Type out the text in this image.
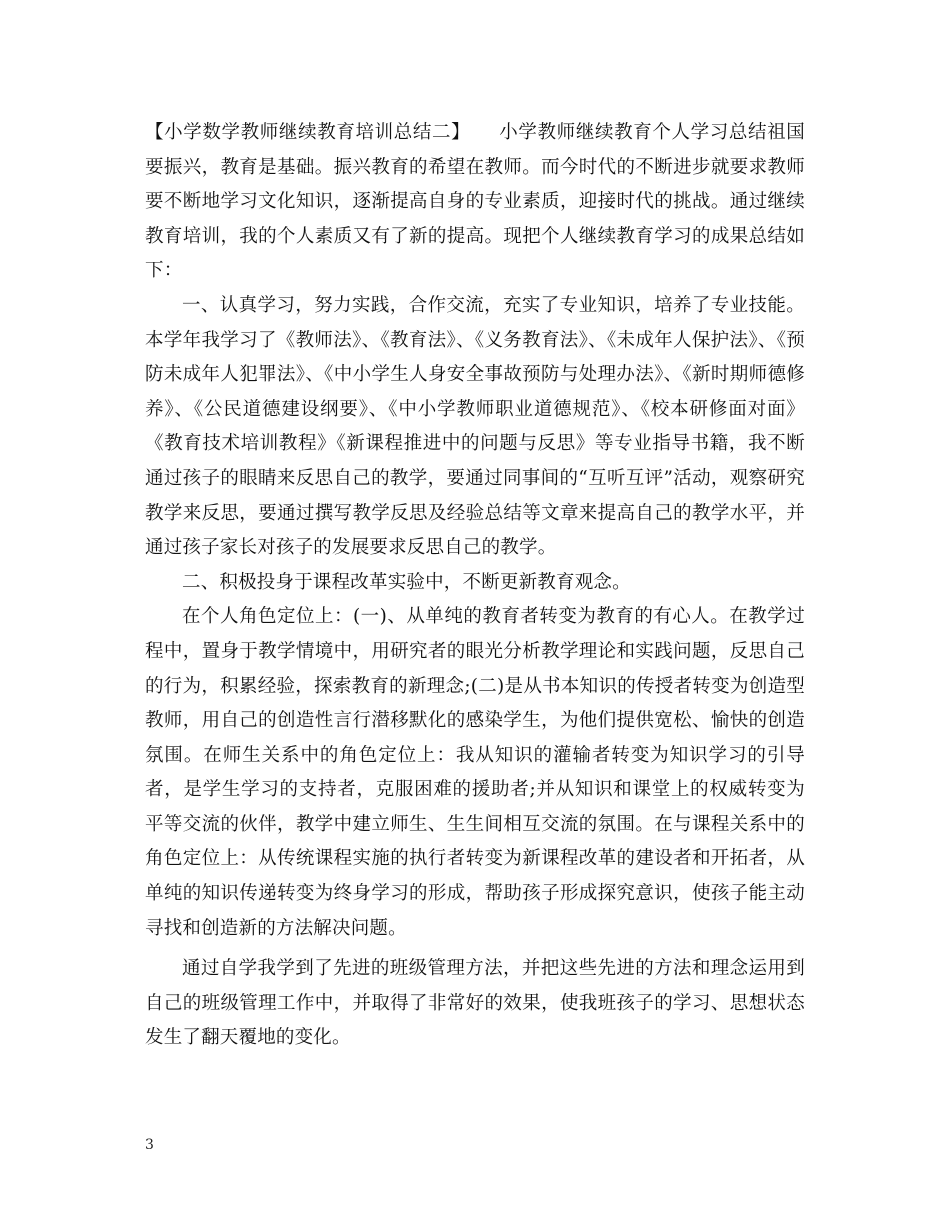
【小学数学教师继续教育培训总结二】　　小学教师继续教育个人学习总结祖国要振兴，教育是基础。振兴教育的希望在教师。而今时代的不断进步就要求教师要不断地学习文化知识，逐渐提高自身的专业素质，迎接时代的挑战。通过继续教育培训，我的个人素质又有了新的提高。现把个人继续教育学习的成果总结如下：

一、认真学习，努力实践，合作交流，充实了专业知识，培养了专业技能。本学年我学习了《教师法》、《教育法》、《义务教育法》、《未成年人保护法》、《预防未成年人犯罪法》、《中小学生人身安全事故预防与处理办法》、《新时期师德修养》、《公民道德建设纲要》、《中小学教师职业道德规范》、《校本研修面对面》《教育技术培训教程》《新课程推进中的问题与反思》等专业指导书籍，我不断通过孩子的眼睛来反思自己的教学，要通过同事间的“互听互评”活动，观察研究教学来反思，要通过撰写教学反思及经验总结等文章来提高自己的教学水平，并通过孩子家长对孩子的发展要求反思自己的教学。

二、积极投身于课程改革实验中，不断更新教育观念。

在个人角色定位上：(一)、从单纯的教育者转变为教育的有心人。在教学过程中，置身于教学情境中，用研究者的眼光分析教学理论和实践问题，反思自己的行为，积累经验，探索教育的新理念;(二)是从书本知识的传授者转变为创造型教师，用自己的创造性言行潜移默化的感染学生，为他们提供宽松、愉快的创造氛围。在师生关系中的角色定位上：我从知识的灌输者转变为知识学习的引导者，是学生学习的支持者，克服困难的援助者;并从知识和课堂上的权威转变为平等交流的伙伴，教学中建立师生、生生间相互交流的氛围。在与课程关系中的角色定位上：从传统课程实施的执行者转变为新课程改革的建设者和开拓者，从单纯的知识传递转变为终身学习的形成，帮助孩子形成探究意识，使孩子能主动寻找和创造新的方法解决问题。

通过自学我学到了先进的班级管理方法，并把这些先进的方法和理念运用到自己的班级管理工作中，并取得了非常好的效果，使我班孩子的学习、思想状态发生了翻天覆地的变化。

3
